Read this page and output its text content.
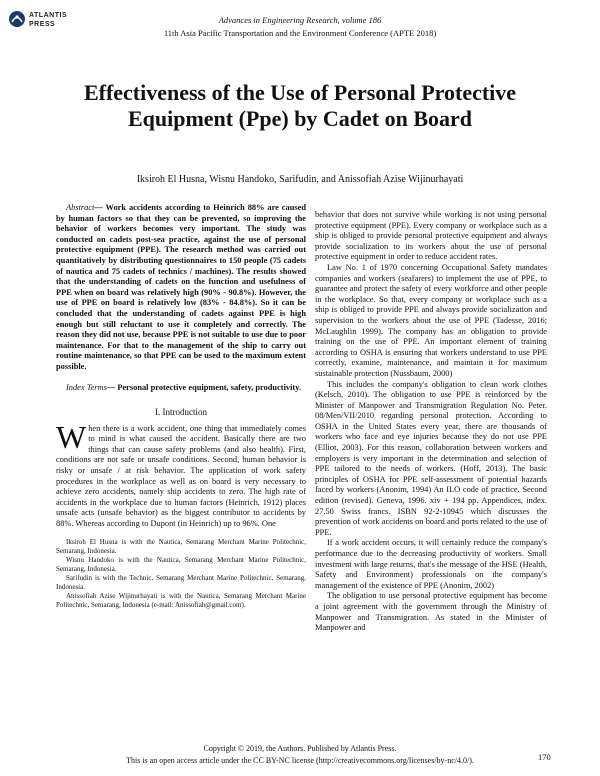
ATLANTIS
PRESS	Advances in Engineering Research, volume 186
11th Asia Pacific Transportation and the Environment Conference (APTE 2018)
Effectiveness of the Use of Personal Protective Equipment (Ppe) by Cadet on Board
Iksiroh El Husna, Wisnu Handoko, Sarifudin, and Anissofiah Azise Wijinurhayati

Abstract— Work accidents according to Heinrich 88% are caused by human factors so that they can be prevented, so improving the behavior of workers becomes very important. The study was conducted on cadets post-sea practice, against the use of personal protective equipment (PPE). The research method was carried out quantitatively by distributing questionnaires to 150 people (75 cadets of nautica and 75 cadets of technics / machines). The results showed that the understanding of cadets on the function and usefulness of PPE when on board was relatively high (90% - 90.8%). However, the use of PPE on board is relatively low (83% - 84.8%). So it can be concluded that the understanding of cadets against PPE is high enough but still reluctant to use it completely and correctly. The reason they did not use, because PPE is not suitable to use due to poor maintenance. For that to the management of the ship to carry out routine maintenance, so that PPE can be used to the maximum extent possible.

Index Terms— Personal protective equipment, safety, productivity.

I. Introduction

When there is a work accident, one thing that immediately comes to mind is what caused the accident. Basically there are two things that can cause safety problems (and also health). First, conditions are not safe or unsafe conditions. Second, human behavior is risky or unsafe / at risk behavior. The application of work safety procedures in the workplace as well as on board is very necessary to achieve zero accidents, namely ship accidents to zero. The high rate of accidents in the workplace due to human factors (Heinrich, 1912) places unsafe acts (unsafe behavior) as the biggest contributor to accidents by 88%. Whereas according to Dupont (in Heinrich) up to 96%. One

Iksiroh El Husna is with the Nautica, Semarang Merchant Marine Politechnic, Semarang, Indonesia.

Wisnu Handoko is with the Nautica, Semarang Merchant Marine Politechnic, Semarang, Indonesia.

Sarifudin is with the Technic, Semarang Merchant Marine Politechnic, Semarang, Indonesia.

Anissofiah Azise Wijinurhayati is with the Nautica, Semarang Merchant Marine Politechnic, Semarang, Indonesia (e-mail: Anissofiah@gmail.com).

behavior that does not survive while working is not using personal protective equipment (PPE). Every company or workplace such as a ship is obliged to provide personal protective equipment and always provide socialization to its workers about the use of personal protective equipment in order to reduce accident rates.

Law No. 1 of 1970 concerning Occupational Safety mandates companies and workers (seafarers) to implement the use of PPE, to guarantee and protect the safety of every workforce and other people in the workplace. So that, every company or workplace such as a ship is obliged to provide PPE and always provide socialization and supervision to the workers about the use of PPE (Tadesse, 2016; McLaughlin 1999). The company has an obligation to provide training on the use of PPE. An important element of training according to OSHA is ensuring that workers understand to use PPE correctly, examine, maintenance, and maintain it for maximum sustainable protection (Nussbaum, 2000)

This includes the company's obligation to clean work clothes (Kelsch, 2010). The obligation to use PPE is reinforced by the Minister of Manpower and Transmigration Regulation No. Peter. 08/Men/VII/2010 regarding personal protection. According to OSHA in the United States every year, there are thousands of workers who face and eye injuries because they do not use PPE (Elliot, 2003). For this reason, collaboration between workers and employers is very important in the determination and selection of PPE tailored to the needs of workers. (Hoff, 2013). The basic principles of OSHA for PPE self-assessment of potential hazards faced by workers (Anonim, 1994) An ILO code of practice. Second edition (revised). Geneva, 1996. xiv + 194 pp. Appendices, index. 27.50 Swiss francs. ISBN 92-2-10945 which discusses the prevention of work accidents on board and ports related to the use of PPE.

If a work accident occurs, it will certainly reduce the company's performance due to the decreasing productivity of workers. Small investment with large returns, that's the message of the HSE (Health, Safety and Environment) professionals on the company's management of the existence of PPE (Anonim, 2002)

The obligation to use personal protective equipment has become a joint agreement with the government through the Ministry of Manpower and Transmigration. As stated in the Minister of Manpower and

Copyright © 2019, the Authors. Published by Atlantis Press.
This is an open access article under the CC BY-NC license (http://creativecommons.org/licenses/by-nc/4.0/).	170
